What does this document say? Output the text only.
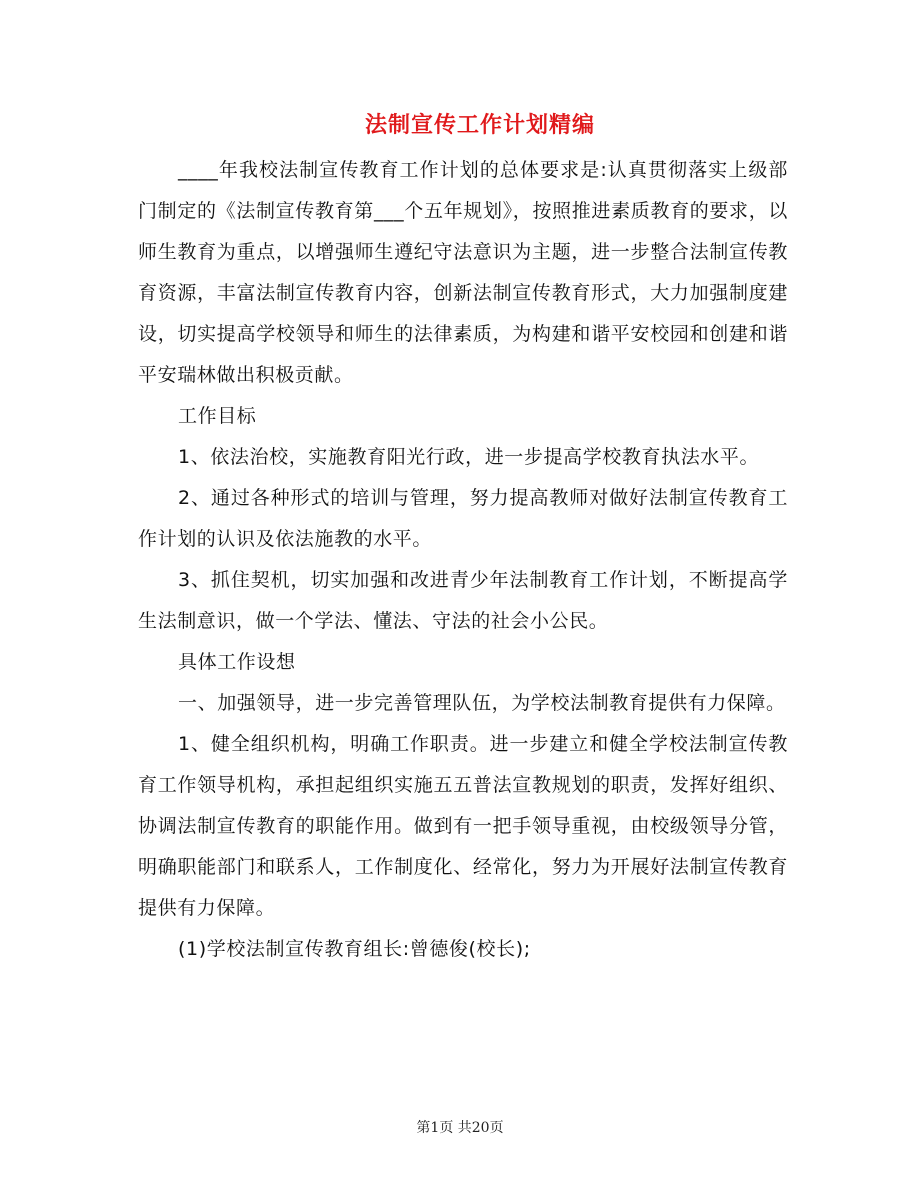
法制宣传工作计划精编

____年我校法制宣传教育工作计划的总体要求是:认真贯彻落实上级部门制定的《法制宣传教育第___个五年规划》，按照推进素质教育的要求，以师生教育为重点，以增强师生遵纪守法意识为主题，进一步整合法制宣传教育资源，丰富法制宣传教育内容，创新法制宣传教育形式，大力加强制度建设，切实提高学校领导和师生的法律素质，为构建和谐平安校园和创建和谐平安瑞林做出积极贡献。

工作目标

1、依法治校，实施教育阳光行政，进一步提高学校教育执法水平。

2、通过各种形式的培训与管理，努力提高教师对做好法制宣传教育工作计划的认识及依法施教的水平。

3、抓住契机，切实加强和改进青少年法制教育工作计划，不断提高学生法制意识，做一个学法、懂法、守法的社会小公民。

具体工作设想

一、加强领导，进一步完善管理队伍，为学校法制教育提供有力保障。

1、健全组织机构，明确工作职责。进一步建立和健全学校法制宣传教育工作领导机构，承担起组织实施五五普法宣教规划的职责，发挥好组织、协调法制宣传教育的职能作用。做到有一把手领导重视，由校级领导分管，明确职能部门和联系人，工作制度化、经常化，努力为开展好法制宣传教育提供有力保障。

(1)学校法制宣传教育组长:曾德俊(校长);

第1页 共20页
